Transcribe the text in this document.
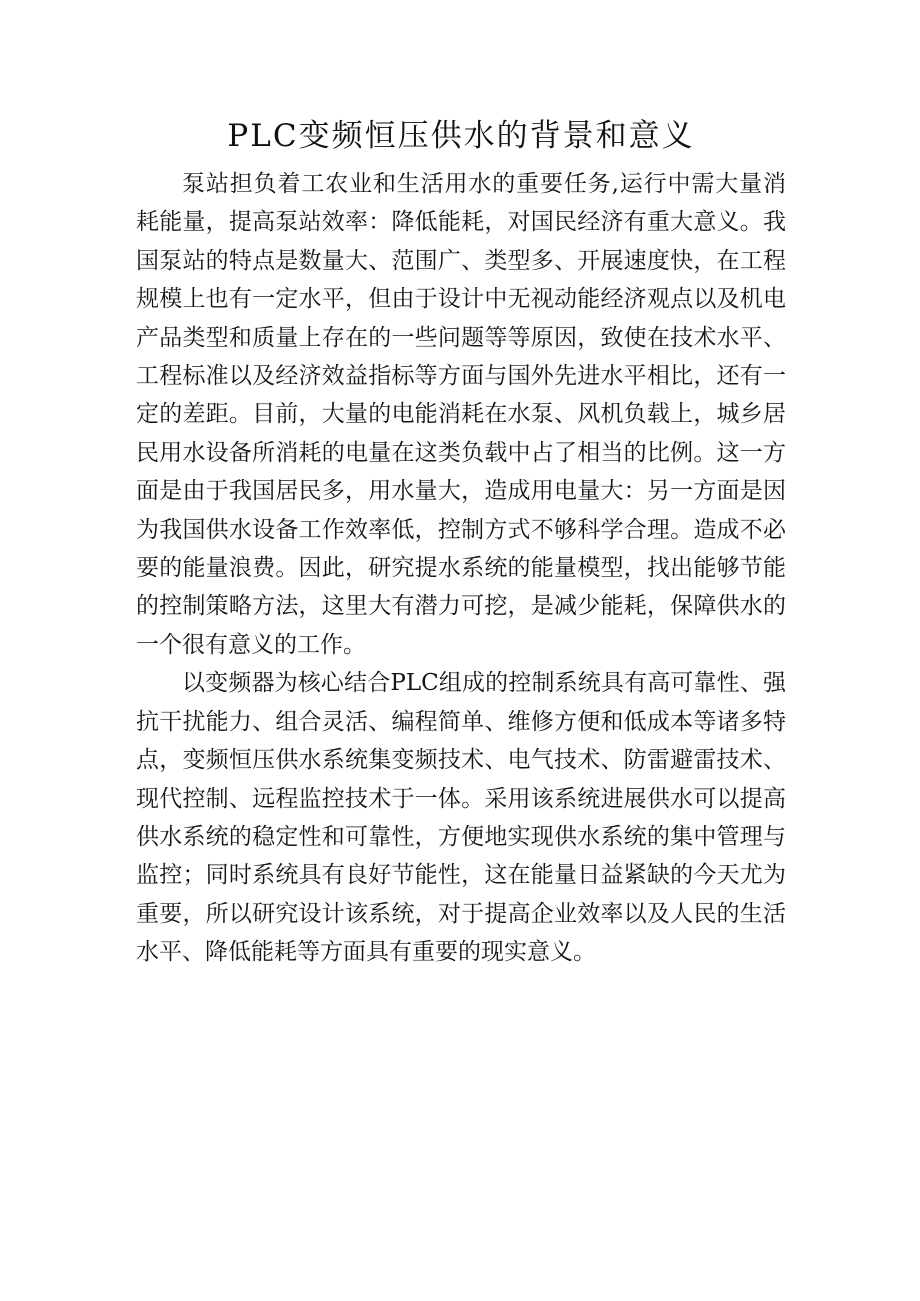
PLC变频恒压供水的背景和意义

泵站担负着工农业和生活用水的重要任务,运行中需大量消耗能量，提高泵站效率：降低能耗，对国民经济有重大意义。我国泵站的特点是数量大、范围广、类型多、开展速度快，在工程规模上也有一定水平，但由于设计中无视动能经济观点以及机电产品类型和质量上存在的一些问题等等原因，致使在技术水平、工程标准以及经济效益指标等方面与国外先进水平相比，还有一定的差距。目前，大量的电能消耗在水泵、风机负载上，城乡居民用水设备所消耗的电量在这类负载中占了相当的比例。这一方面是由于我国居民多，用水量大，造成用电量大：另一方面是因为我国供水设备工作效率低，控制方式不够科学合理。造成不必要的能量浪费。因此，研究提水系统的能量模型，找出能够节能的控制策略方法，这里大有潜力可挖，是减少能耗，保障供水的一个很有意义的工作。

以变频器为核心结合PLC组成的控制系统具有高可靠性、强抗干扰能力、组合灵活、编程简单、维修方便和低成本等诸多特点，变频恒压供水系统集变频技术、电气技术、防雷避雷技术、现代控制、远程监控技术于一体。采用该系统进展供水可以提高供水系统的稳定性和可靠性，方便地实现供水系统的集中管理与监控；同时系统具有良好节能性，这在能量日益紧缺的今天尤为重要，所以研究设计该系统，对于提高企业效率以及人民的生活水平、降低能耗等方面具有重要的现实意义。
